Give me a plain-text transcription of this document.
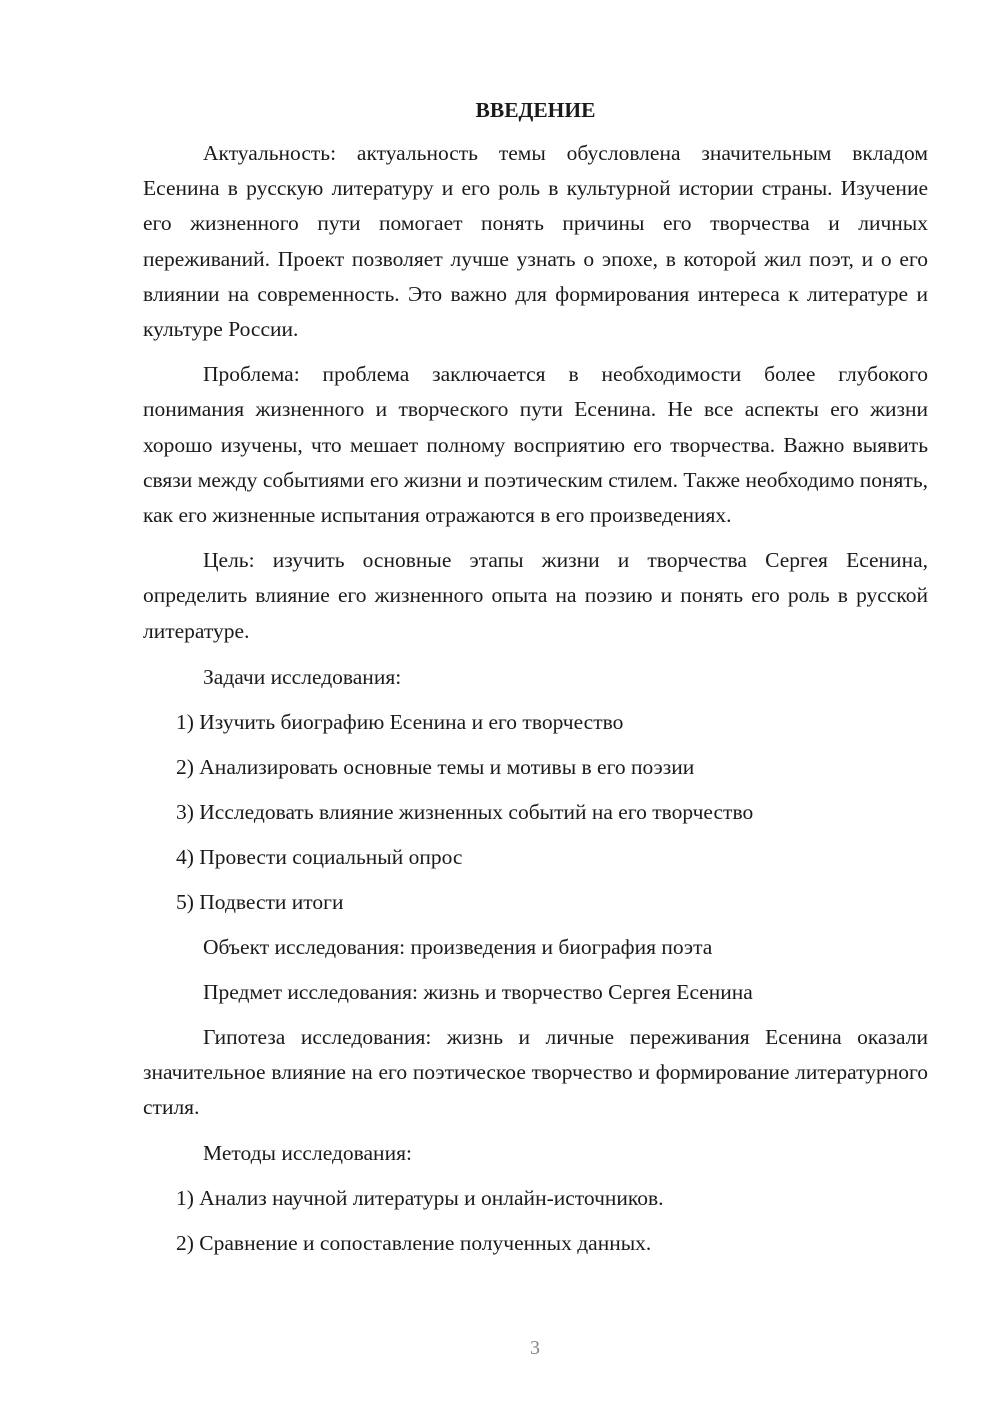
ВВЕДЕНИЕ
Актуальность: актуальность темы обусловлена значительным вкладом Есенина в русскую литературу и его роль в культурной истории страны. Изучение его жизненного пути помогает понять причины его творчества и личных переживаний. Проект позволяет лучше узнать о эпохе, в которой жил поэт, и о его влиянии на современность. Это важно для формирования интереса к литературе и культуре России.
Проблема: проблема заключается в необходимости более глубокого понимания жизненного и творческого пути Есенина. Не все аспекты его жизни хорошо изучены, что мешает полному восприятию его творчества. Важно выявить связи между событиями его жизни и поэтическим стилем. Также необходимо понять, как его жизненные испытания отражаются в его произведениях.
Цель: изучить основные этапы жизни и творчества Сергея Есенина, определить влияние его жизненного опыта на поэзию и понять его роль в русской литературе.
Задачи исследования:
1) Изучить биографию Есенина и его творчество
2) Анализировать основные темы и мотивы в его поэзии
3) Исследовать влияние жизненных событий на его творчество
4) Провести социальный опрос
5) Подвести итоги
Объект исследования: произведения и биография поэта
Предмет исследования: жизнь и творчество Сергея Есенина
Гипотеза исследования: жизнь и личные переживания Есенина оказали значительное влияние на его поэтическое творчество и формирование литературного стиля.
Методы исследования:
1) Анализ научной литературы и онлайн-источников.
2) Сравнение и сопоставление полученных данных.
3
